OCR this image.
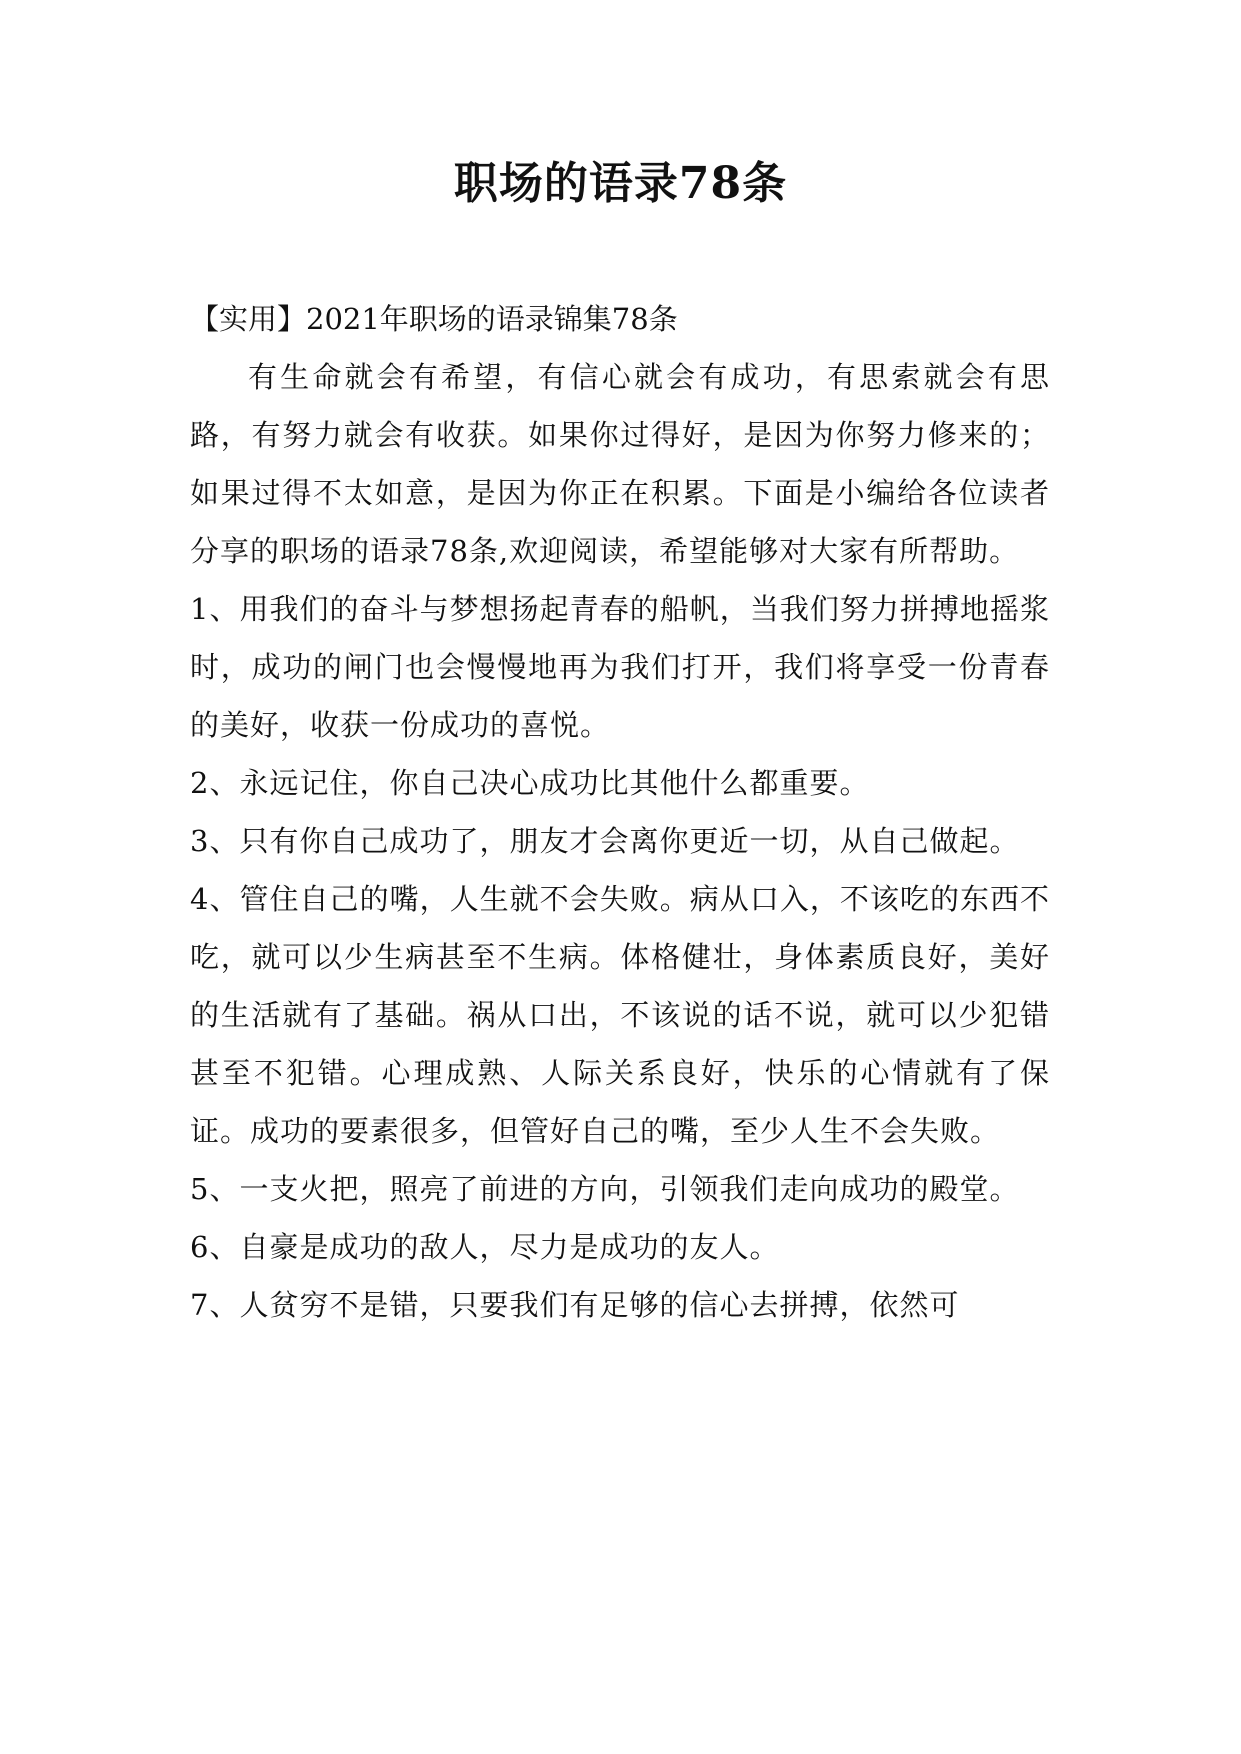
职场的语录78条

【实用】2021年职场的语录锦集78条

有生命就会有希望，有信心就会有成功，有思索就会有思路，有努力就会有收获。如果你过得好，是因为你努力修来的；如果过得不太如意，是因为你正在积累。下面是小编给各位读者分享的职场的语录78条,欢迎阅读，希望能够对大家有所帮助。

1、用我们的奋斗与梦想扬起青春的船帆，当我们努力拼搏地摇浆时，成功的闸门也会慢慢地再为我们打开，我们将享受一份青春的美好，收获一份成功的喜悦。

2、永远记住，你自己决心成功比其他什么都重要。

3、只有你自己成功了，朋友才会离你更近一切，从自己做起。

4、管住自己的嘴，人生就不会失败。病从口入，不该吃的东西不吃，就可以少生病甚至不生病。体格健壮，身体素质良好，美好的生活就有了基础。祸从口出，不该说的话不说，就可以少犯错甚至不犯错。心理成熟、人际关系良好，快乐的心情就有了保证。成功的要素很多，但管好自己的嘴，至少人生不会失败。

5、一支火把，照亮了前进的方向，引领我们走向成功的殿堂。

6、自豪是成功的敌人，尽力是成功的友人。

7、人贫穷不是错，只要我们有足够的信心去拼搏，依然可
